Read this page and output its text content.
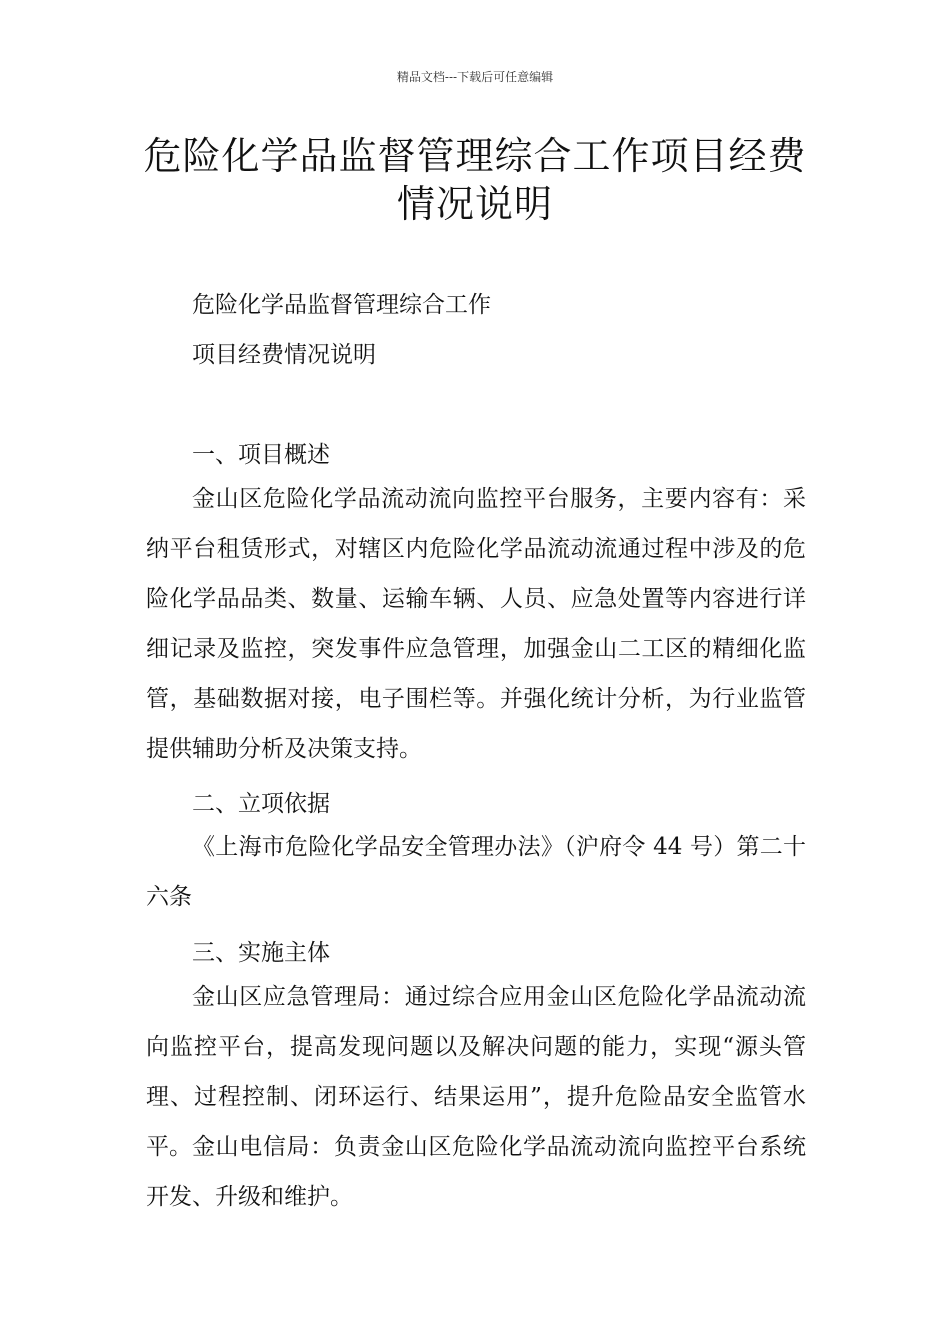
精品文档---下载后可任意编辑
危险化学品监督管理综合工作项目经费
情况说明
危险化学品监督管理综合工作
项目经费情况说明
一、项目概述
金山区危险化学品流动流向监控平台服务，主要内容有：采纳平台租赁形式，对辖区内危险化学品流动流通过程中涉及的危险化学品品类、数量、运输车辆、人员、应急处置等内容进行详细记录及监控，突发事件应急管理，加强金山二工区的精细化监管，基础数据对接，电子围栏等。并强化统计分析，为行业监管提供辅助分析及决策支持。
二、立项依据
《上海市危险化学品安全管理办法》（沪府令 44 号）第二十六条
三、实施主体
金山区应急管理局：通过综合应用金山区危险化学品流动流向监控平台，提高发现问题以及解决问题的能力，实现“源头管理、过程控制、闭环运行、结果运用”，提升危险品安全监管水平。 金山电信局：负责金山区危险化学品流动流向监控平台系统开发、升级和维护。
